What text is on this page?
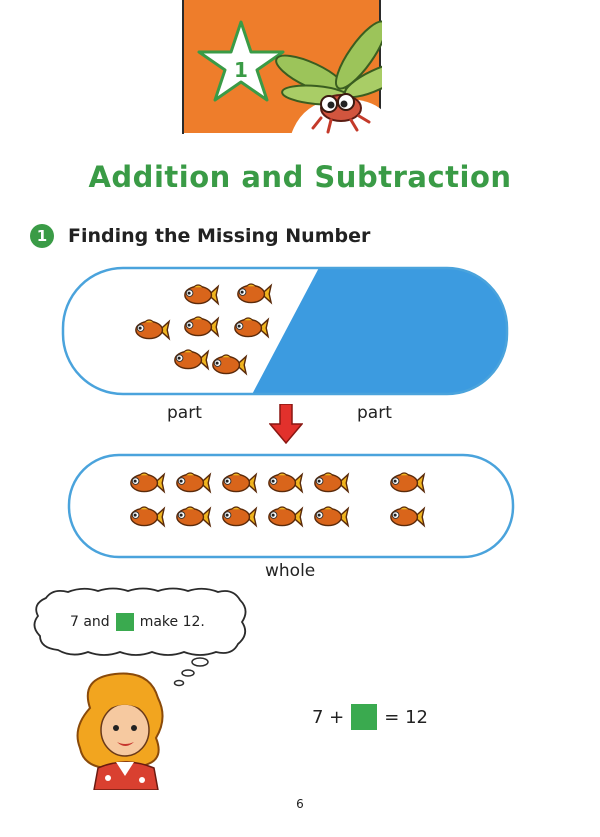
1
Addition and Subtraction
1	Finding the Missing Number
part	part
whole
7 and make 12.
7 + = 12
6
